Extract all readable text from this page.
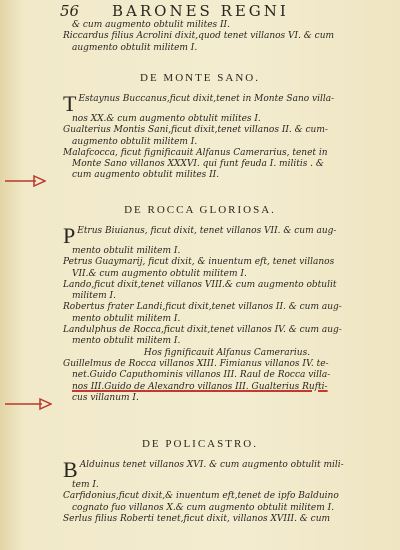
56 BARONES REGNI
& cum augmento obtulit milites II.
Riccardus filius Acrolini dixit,quod tenet villanos VI. & cum
augmento obtulit militem I.
DE MONTE SANO.
T Estaynus Buccanus,ficut dixit,tenet in Monte Sano villa-
nos XX.& cum augmento obtulit milites I.
Gualterius Montis Sani,ficut dixit,tenet villanos II. & cum-
augmento obtulit militem I.
Malafcocca, ficut fignificauit Alfanus Camerarius, tenet in
Monte Sano villanos XXXVI. qui funt feuda I. militis . &
cum augmento obtulit milites II.
DE ROCCA GLORIOSA.
P Etrus Biuianus, ficut dixit, tenet villanos VII. & cum aug-
mento obtulit militem I.
Petrus Guaymarij, ficut dixit, & inuentum eft, tenet villanos
VII.& cum augmento obtulit militem I.
Lando,ficut dixit,tenet villanos VIII.& cum augmento obtulit
militem I.
Robertus frater Landi,ficut dixit,tenet villanos II. & cum aug-
mento obtulit militem I.
Landulphus de Rocca,ficut dixit,tenet villanos IV. & cum aug-
mento obtulit militem I.
Hos fignificauit Alfanus Camerarius.
Guillelmus de Rocca villanos XIII. Fimianus villanos IV. te-
net.Guido Caputhominis villanos III. Raul de Rocca villa-
nos III.Guido de Alexandro villanos III. Gualterius Rufti-
cus villanum I.
DE POLICASTRO.
B Alduinus tenet villanos XVI. & cum augmento obtulit mili-
tem I.
Carfidonius,ficut dixit,& inuentum eft,tenet de ipfo Balduino
cognato fuo villanos X.& cum augmento obtulit militem I.
Serlus filius Roberti tenet,ficut dixit, villanos XVIII. & cum
